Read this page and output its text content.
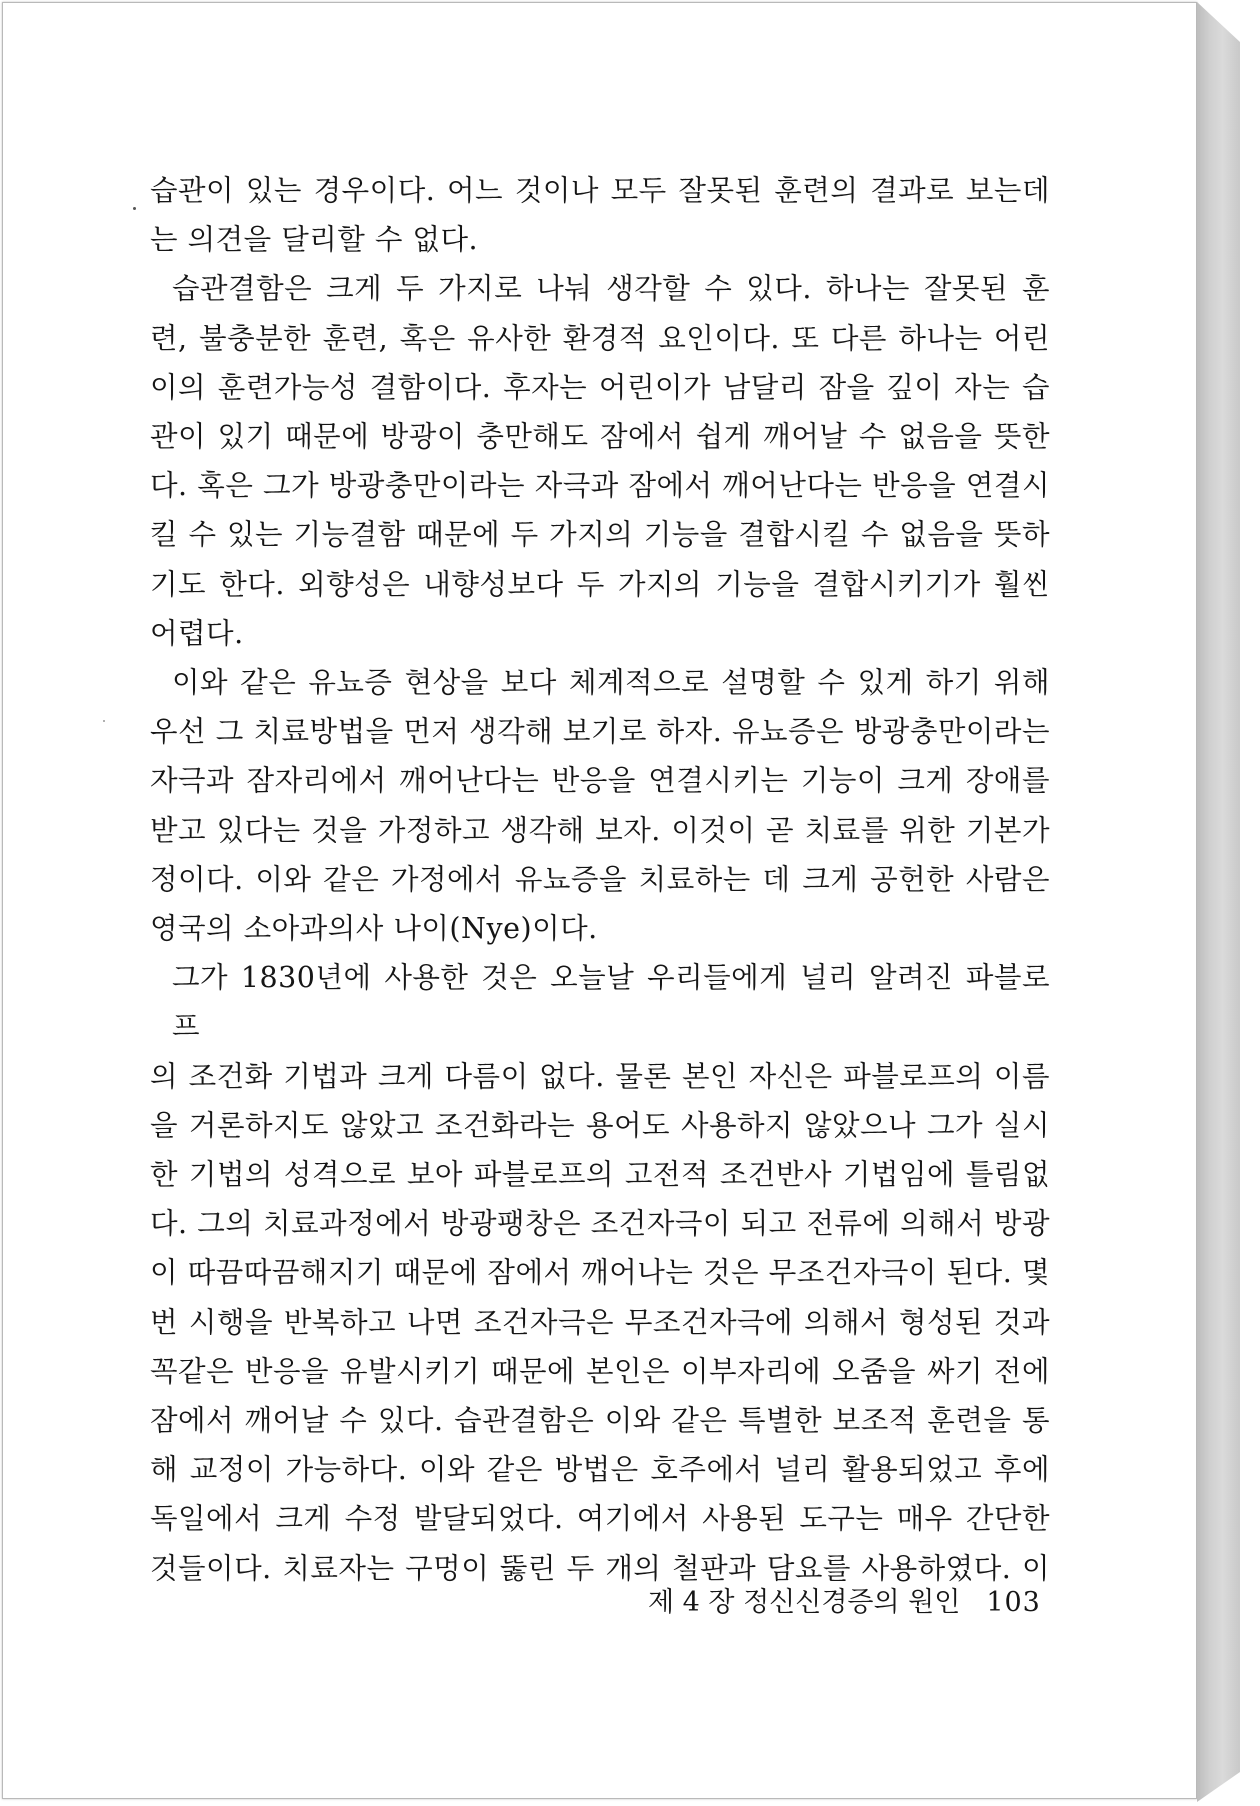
습관이 있는 경우이다. 어느 것이나 모두 잘못된 훈련의 결과로 보는데
는 의견을 달리할 수 없다.
습관결함은 크게 두 가지로 나눠 생각할 수 있다. 하나는 잘못된 훈
련, 불충분한 훈련, 혹은 유사한 환경적 요인이다. 또 다른 하나는 어린
이의 훈련가능성 결함이다. 후자는 어린이가 남달리 잠을 깊이 자는 습
관이 있기 때문에 방광이 충만해도 잠에서 쉽게 깨어날 수 없음을 뜻한
다. 혹은 그가 방광충만이라는 자극과 잠에서 깨어난다는 반응을 연결시
킬 수 있는 기능결함 때문에 두 가지의 기능을 결합시킬 수 없음을 뜻하
기도 한다. 외향성은 내향성보다 두 가지의 기능을 결합시키기가 훨씬
어렵다.
이와 같은 유뇨증 현상을 보다 체계적으로 설명할 수 있게 하기 위해
우선 그 치료방법을 먼저 생각해 보기로 하자. 유뇨증은 방광충만이라는
자극과 잠자리에서 깨어난다는 반응을 연결시키는 기능이 크게 장애를
받고 있다는 것을 가정하고 생각해 보자. 이것이 곧 치료를 위한 기본가
정이다. 이와 같은 가정에서 유뇨증을 치료하는 데 크게 공헌한 사람은
영국의 소아과의사 나이(Nye)이다.
그가 1830년에 사용한 것은 오늘날 우리들에게 널리 알려진 파블로프
의 조건화 기법과 크게 다름이 없다. 물론 본인 자신은 파블로프의 이름
을 거론하지도 않았고 조건화라는 용어도 사용하지 않았으나 그가 실시
한 기법의 성격으로 보아 파블로프의 고전적 조건반사 기법임에 틀림없
다. 그의 치료과정에서 방광팽창은 조건자극이 되고 전류에 의해서 방광
이 따끔따끔해지기 때문에 잠에서 깨어나는 것은 무조건자극이 된다. 몇
번 시행을 반복하고 나면 조건자극은 무조건자극에 의해서 형성된 것과
꼭같은 반응을 유발시키기 때문에 본인은 이부자리에 오줌을 싸기 전에
잠에서 깨어날 수 있다. 습관결함은 이와 같은 특별한 보조적 훈련을 통
해 교정이 가능하다. 이와 같은 방법은 호주에서 널리 활용되었고 후에
독일에서 크게 수정 발달되었다. 여기에서 사용된 도구는 매우 간단한
것들이다. 치료자는 구멍이 뚫린 두 개의 철판과 담요를 사용하였다. 이
제 4 장 정신신경증의 원인 103
